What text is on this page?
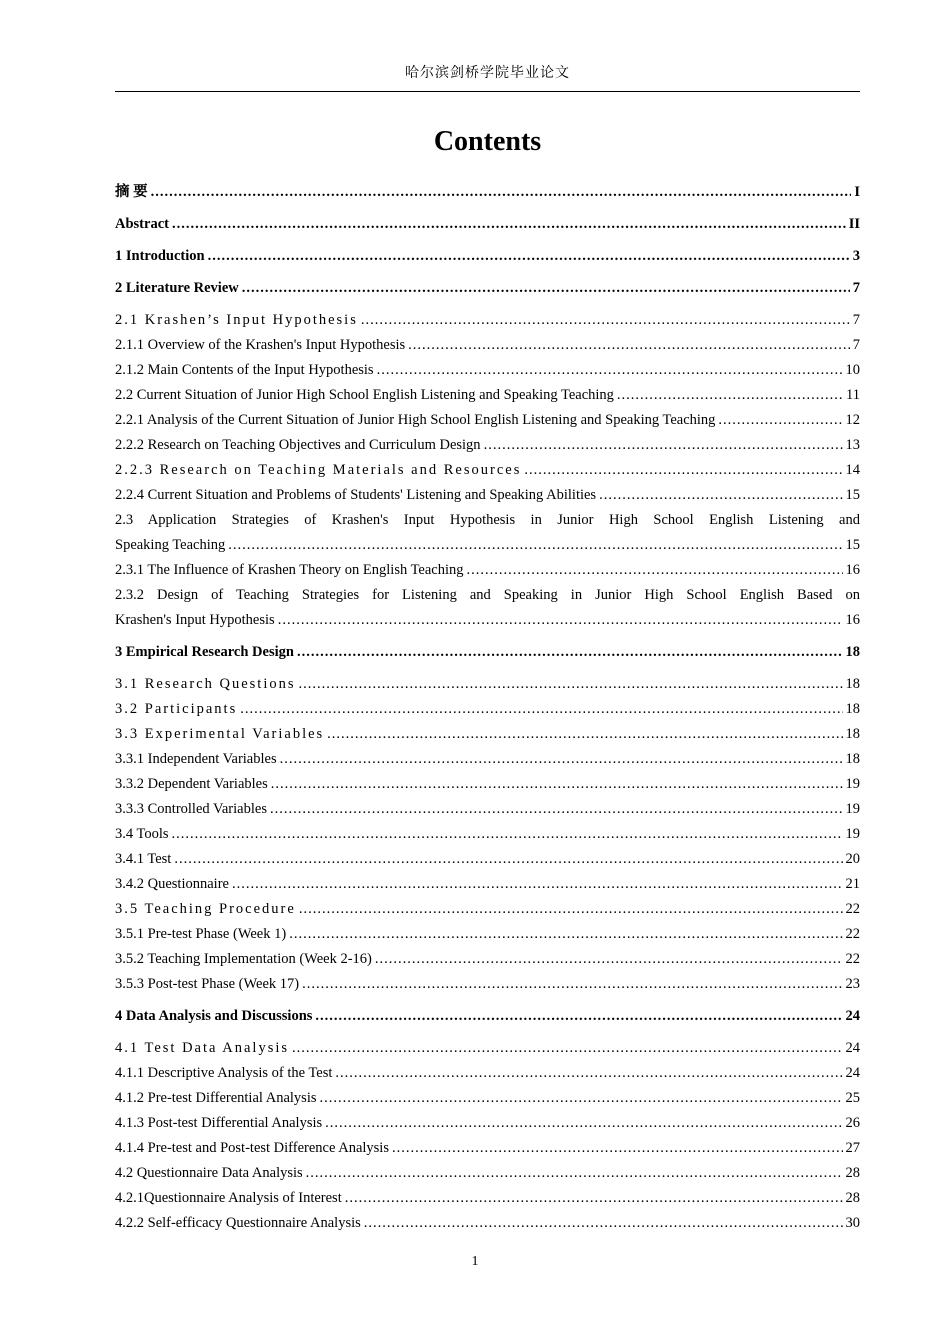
哈尔滨剑桥学院毕业论文
Contents
摘 要 .....	I
Abstract .....	II
1 Introduction .....	3
2 Literature Review .....	7
2.1 Krashen’s Input Hypothesis .....	7
2.1.1 Overview of the Krashen's Input Hypothesis .....	7
2.1.2 Main Contents of the Input Hypothesis .....	10
2.2 Current Situation of Junior High School English Listening and Speaking Teaching .....	11
2.2.1 Analysis of the Current Situation of Junior High School English Listening and Speaking Teaching .....	12
2.2.2 Research on Teaching Objectives and Curriculum Design .....	13
2.2.3 Research on Teaching Materials and Resources .....	14
2.2.4 Current Situation and Problems of Students' Listening and Speaking Abilities .....	15
2.3 Application Strategies of Krashen's Input Hypothesis in Junior High School English Listening and
Speaking Teaching .....	15
2.3.1 The Influence of Krashen Theory on English Teaching .....	16
2.3.2 Design of Teaching Strategies for Listening and Speaking in Junior High School English Based on
Krashen's Input Hypothesis .....	16
3 Empirical Research Design .....	18
3.1 Research Questions .....	18
3.2 Participants .....	18
3.3 Experimental Variables .....	18
3.3.1 Independent Variables .....	18
3.3.2 Dependent Variables .....	19
3.3.3 Controlled Variables .....	19
3.4 Tools .....	19
3.4.1 Test .....	20
3.4.2 Questionnaire .....	21
3.5 Teaching Procedure .....	22
3.5.1 Pre-test Phase (Week 1) .....	22
3.5.2 Teaching Implementation (Week 2-16) .....	22
3.5.3 Post-test Phase (Week 17) .....	23
4 Data Analysis and Discussions .....	24
4.1 Test Data Analysis .....	24
4.1.1 Descriptive Analysis of the Test .....	24
4.1.2 Pre-test Differential Analysis .....	25
4.1.3 Post-test Differential Analysis .....	26
4.1.4 Pre-test and Post-test Difference Analysis .....	27
4.2 Questionnaire Data Analysis .....	28
4.2.1Questionnaire Analysis of Interest .....	28
4.2.2 Self-efficacy Questionnaire Analysis .....	30
1
